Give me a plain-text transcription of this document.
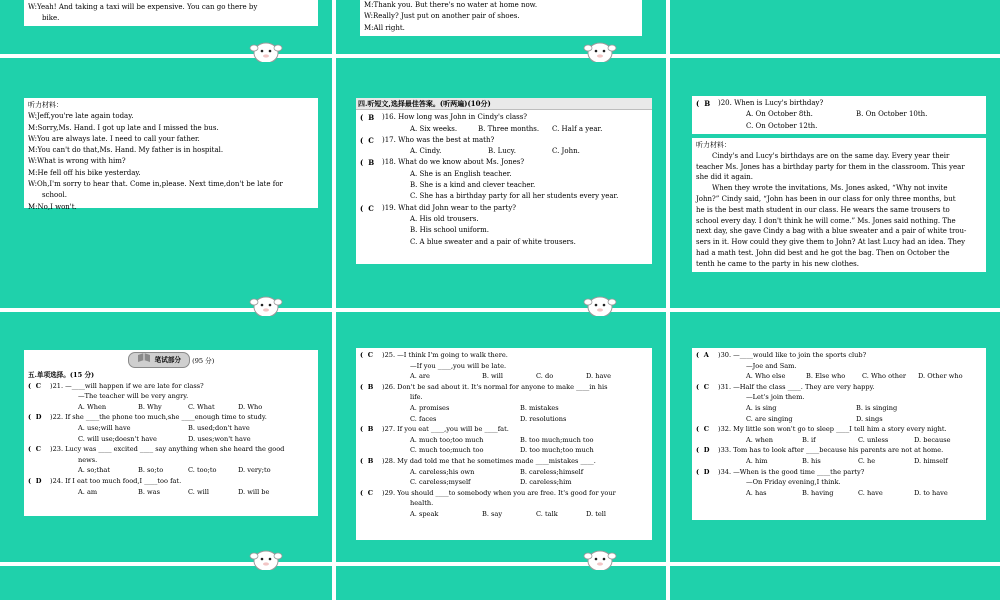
W:Yeah! And taking a taxi will be expensive. You can go there by
bike.
M:Thank you. But there's no water at home now.
W:Really? Just put on another pair of shoes.
M:All right.
听力材料：
W:Jeff,you're late again today.
M:Sorry,Ms. Hand. I got up late and I missed the bus.
W:You are always late. I need to call your father.
M:You can't do that,Ms. Hand. My father is in hospital.
W:What is wrong with him?
M:He fell off his bike yesterday.
W:Oh,I'm sorry to hear that. Come in,please. Next time,don't be late for
school.
M:No,I won't.
四.听短文,选择最佳答案。(听两遍)(10分)
(  B	)16. How long was John in Cindy's class?
A. Six weeks.	B. Three months.	C. Half a year.
(  C	)17. Who was the best at math?
A. Cindy.	B. Lucy.	C. John.
(  B	)18. What do we know about Ms. Jones?
A. She is an English teacher.
B. She is a kind and clever teacher.
C. She has a birthday party for all her students every year.
(  C	)19. What did John wear to the party?
A. His old trousers.
B. His school uniform.
C. A blue sweater and a pair of white trousers.
(  B	)20. When is Lucy's birthday?
A. On October 8th.	B. On October 10th.
C. On October 12th.
听力材料：
Cindy's and Lucy's birthdays are on the same day. Every year their
teacher Ms. Jones has a birthday party for them in the classroom. This year
she did it again.
When they wrote the invitations, Ms. Jones asked, “Why not invite
John?” Cindy said, “John has been in our class for only three months, but
he is the best math student in our class. He wears the same trousers to
school every day. I don't think he will come.” Ms. Jones said nothing. The
next day, she gave Cindy a bag with a blue sweater and a pair of white trou-
sers in it. How could they give them to John? At last Lucy had an idea. They
had a math test. John did best and he got the bag. Then on October the
tenth he came to the party in his new clothes.
笔试部分 (95 分)
五.单项选择。(15 分)
(  C	)21. —____will happen if we are late for class?
—The teacher will be very angry.
A. When	B. Why	C. What	D. Who
(  D	)22. If she ____the phone too much,she ____enough time to study.
A. use;will have	B. used;don't have
C. will use;doesn't have	D. uses;won't have
(  C	)23. Lucy was ____ excited ____ say anything when she heard the good
news.
A. so;that	B. so;to	C. too;to	D. very;to
(  D	)24. If I eat too much food,I ____too fat.
A. am	B. was	C. will	D. will be
(  C	)25. —I think I'm going to walk there.
—If you ____,you will be late.
A. are	B. will	C. do	D. have
(  B	)26. Don't be sad about it. It's normal for anyone to make ____in his
life.
A. promises	B. mistakes
C. faces	D. resolutions
(  B	)27. If you eat ____,you will be ____fat.
A. much too;too much	B. too much;much too
C. much too;much too	D. too much;too much
(  B	)28. My dad told me that he sometimes made ____mistakes ____.
A. careless;his own	B. careless;himself
C. careless;myself	D. careless;him
(  C	)29. You should ____to somebody when you are free. It's good for your
health.
A. speak	B. say	C. talk	D. tell
(  A	)30. —____would like to join the sports club?
—Joe and Sam.
A. Who else	B. Else who	C. Who other	D. Other who
(  C	)31. —Half the class ____. They are very happy.
—Let's join them.
A. is sing	B. is singing
C. are singing	D. sings
(  C	)32. My little son won't go to sleep ____I tell him a story every night.
A. when	B. if	C. unless	D. because
(  D	)33. Tom has to look after ____because his parents are not at home.
A. him	B. his	C. he	D. himself
(  D	)34. —When is the good time ____the party?
—On Friday evening,I think.
A. has	B. having	C. have	D. to have
